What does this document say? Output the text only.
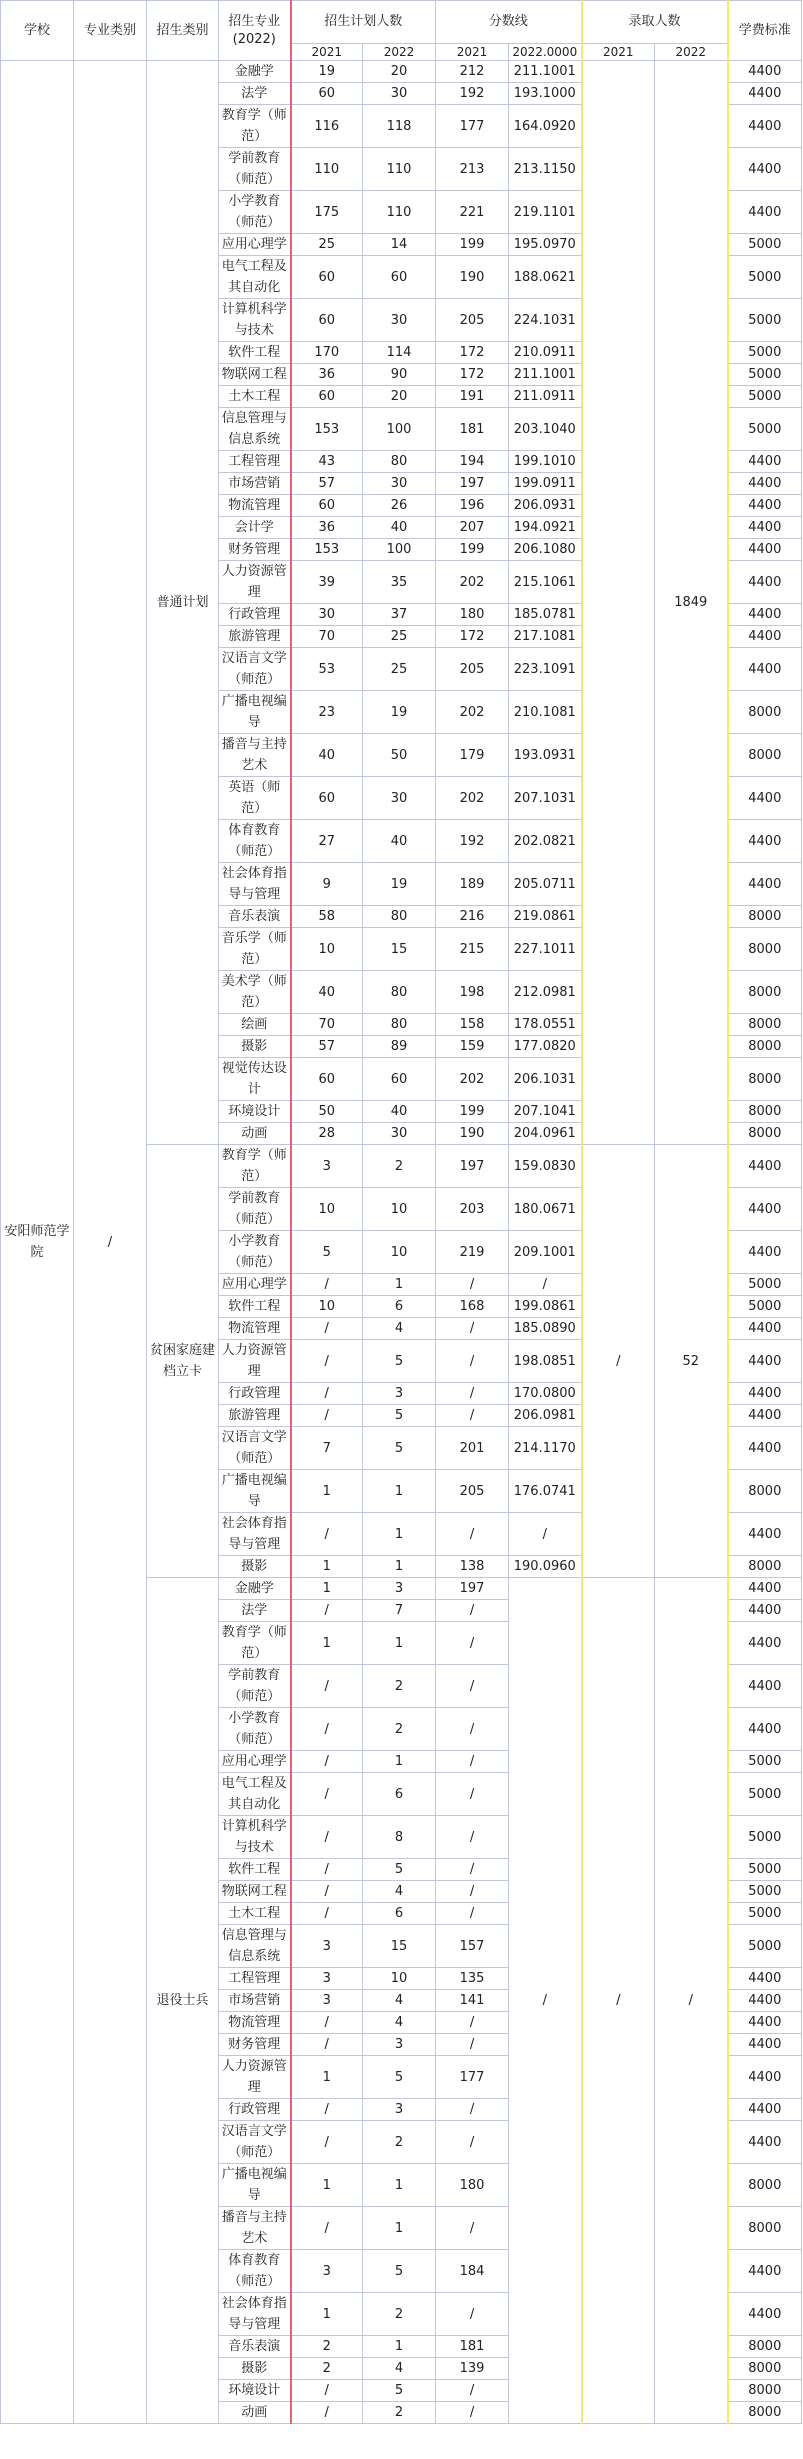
学校	专业类别	招生类别	招生专业
(2022)	招生计划人数		分数线		录取人数		学费标准
				2021	2022	2021	2022.0000	2021	2022	
安阳师范学院	/	普通计划	金融学	19	20	212	211.1001		1849	4400
			法学	60	30	192	193.1000			4400
			教育学（师范）	116	118	177	164.0920			4400
			学前教育（师范）	110	110	213	213.1150			4400
			小学教育（师范）	175	110	221	219.1101			4400
			应用心理学	25	14	199	195.0970			5000
			电气工程及其自动化	60	60	190	188.0621			5000
			计算机科学与技术	60	30	205	224.1031			5000
			软件工程	170	114	172	210.0911			5000
			物联网工程	36	90	172	211.1001			5000
			土木工程	60	20	191	211.0911			5000
			信息管理与信息系统	153	100	181	203.1040			5000
			工程管理	43	80	194	199.1010			4400
			市场营销	57	30	197	199.0911			4400
			物流管理	60	26	196	206.0931			4400
			会计学	36	40	207	194.0921			4400
			财务管理	153	100	199	206.1080			4400
			人力资源管理	39	35	202	215.1061			4400
			行政管理	30	37	180	185.0781			4400
			旅游管理	70	25	172	217.1081			4400
			汉语言文学（师范）	53	25	205	223.1091			4400
			广播电视编导	23	19	202	210.1081			8000
			播音与主持艺术	40	50	179	193.0931			8000
			英语（师范）	60	30	202	207.1031			4400
			体育教育（师范）	27	40	192	202.0821			4400
			社会体育指导与管理	9	19	189	205.0711			4400
			音乐表演	58	80	216	219.0861			8000
			音乐学（师范）	10	15	215	227.1011			8000
			美术学（师范）	40	80	198	212.0981			8000
			绘画	70	80	158	178.0551			8000
			摄影	57	89	159	177.0820			8000
			视觉传达设计	60	60	202	206.1031			8000
			环境设计	50	40	199	207.1041			8000
			动画	28	30	190	204.0961			8000
		贫困家庭建档立卡	教育学（师范）	3	2	197	159.0830	/	52	4400
			学前教育（师范）	10	10	203	180.0671			4400
			小学教育（师范）	5	10	219	209.1001			4400
			应用心理学	/	1	/	/			5000
			软件工程	10	6	168	199.0861			5000
			物流管理	/	4	/	185.0890			4400
			人力资源管理	/	5	/	198.0851			4400
			行政管理	/	3	/	170.0800			4400
			旅游管理	/	5	/	206.0981			4400
			汉语言文学（师范）	7	5	201	214.1170			4400
			广播电视编导	1	1	205	176.0741			8000
			社会体育指导与管理	/	1	/	/			4400
			摄影	1	1	138	190.0960			8000
		退役士兵	金融学	1	3	197	/	/	/	4400
			法学	/	7	/				4400
			教育学（师范）	1	1	/				4400
			学前教育（师范）	/	2	/				4400
			小学教育（师范）	/	2	/				4400
			应用心理学	/	1	/				5000
			电气工程及其自动化	/	6	/				5000
			计算机科学与技术	/	8	/				5000
			软件工程	/	5	/				5000
			物联网工程	/	4	/				5000
			土木工程	/	6	/				5000
			信息管理与信息系统	3	15	157				5000
			工程管理	3	10	135				4400
			市场营销	3	4	141				4400
			物流管理	/	4	/				4400
			财务管理	/	3	/				4400
			人力资源管理	1	5	177				4400
			行政管理	/	3	/				4400
			汉语言文学（师范）	/	2	/				4400
			广播电视编导	1	1	180				8000
			播音与主持艺术	/	1	/				8000
			体育教育（师范）	3	5	184				4400
			社会体育指导与管理	1	2	/				4400
			音乐表演	2	1	181				8000
			摄影	2	4	139				8000
			环境设计	/	5	/				8000
			动画	/	2	/				8000
